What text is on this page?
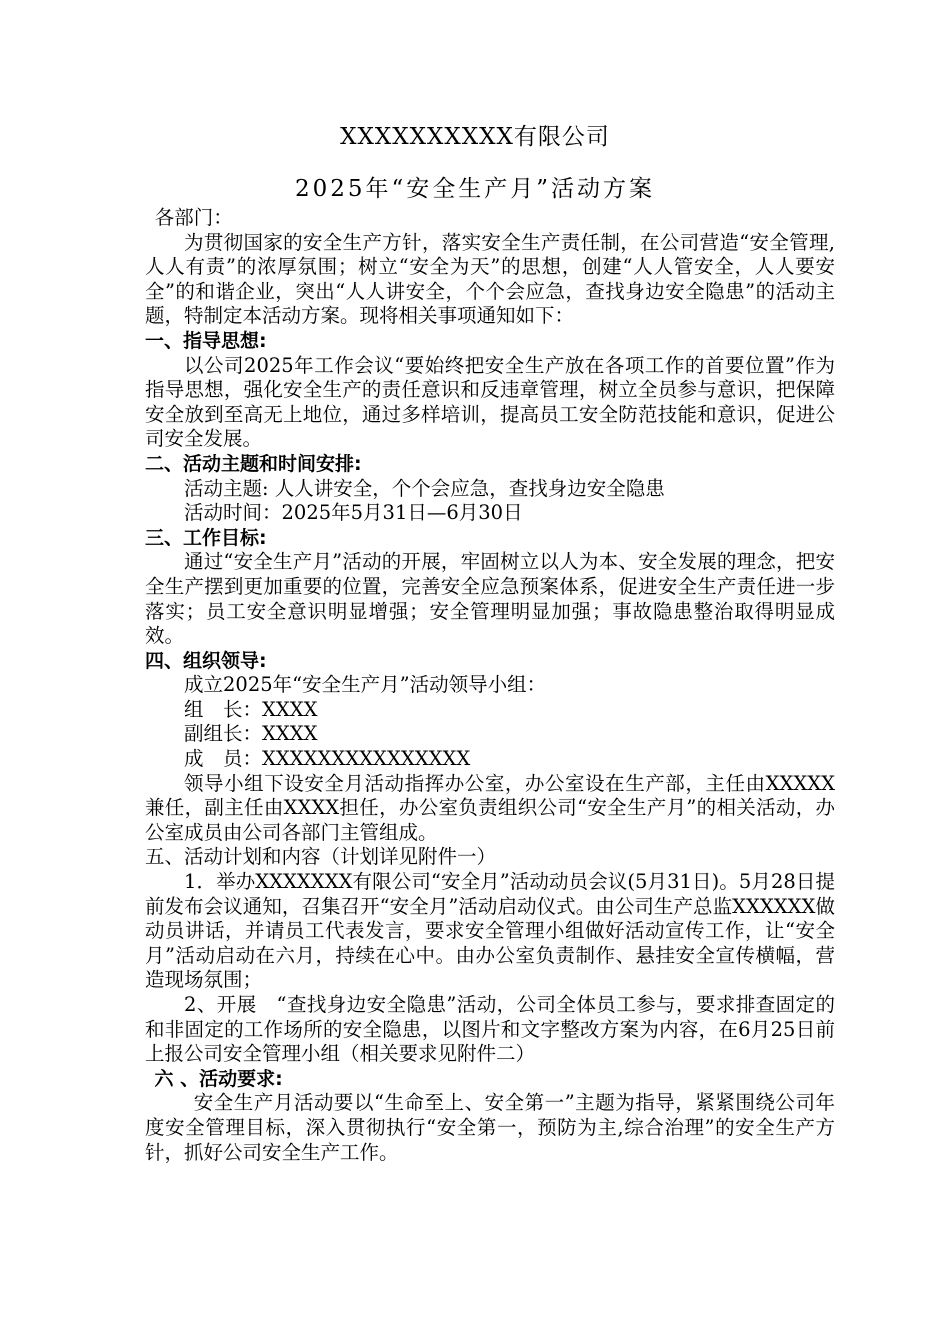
XXXXXXXXXX有限公司
2025年“安全生产月”活动方案

各部门：

为贯彻国家的安全生产方针，落实安全生产责任制，在公司营造“安全管理,人人有责”的浓厚氛围；树立“安全为天”的思想，创建“人人管安全，人人要安全”的和谐企业，突出“人人讲安全，个个会应急，查找身边安全隐患”的活动主题，特制定本活动方案。现将相关事项通知如下：

一、指导思想:

以公司2025年工作会议“要始终把安全生产放在各项工作的首要位置”作为指导思想，强化安全生产的责任意识和反违章管理，树立全员参与意识，把保障安全放到至高无上地位，通过多样培训，提高员工安全防范技能和意识，促进公司安全发展。

二、活动主题和时间安排:

活动主题: 人人讲安全，个个会应急，查找身边安全隐患

活动时间：2025年5月31日—6月30日

三、工作目标:

通过“安全生产月”活动的开展，牢固树立以人为本、安全发展的理念，把安全生产摆到更加重要的位置，完善安全应急预案体系，促进安全生产责任进一步落实；员工安全意识明显增强；安全管理明显加强；事故隐患整治取得明显成效。

四、组织领导:

成立2025年“安全生产月”活动领导小组：

组　长：XXXX

副组长：XXXX

成　员：XXXXXXXXXXXXXXX

领导小组下设安全月活动指挥办公室，办公室设在生产部，主任由XXXXX兼任，副主任由XXXX担任，办公室负责组织公司“安全生产月”的相关活动，办公室成员由公司各部门主管组成。

五、活动计划和内容（计划详见附件一）

1．举办XXXXXXX有限公司“安全月”活动动员会议(5月31日)。5月28日提前发布会议通知，召集召开“安全月”活动启动仪式。由公司生产总监XXXXXX做动员讲话，并请员工代表发言，要求安全管理小组做好活动宣传工作，让“安全月”活动启动在六月，持续在心中。由办公室负责制作、悬挂安全宣传横幅，营造现场氛围；

2、开展　“查找身边安全隐患”活动，公司全体员工参与，要求排查固定的和非固定的工作场所的安全隐患，以图片和文字整改方案为内容，在6月25日前上报公司安全管理小组（相关要求见附件二）

六 、活动要求:

安全生产月活动要以“生命至上、安全第一”主题为指导，紧紧围绕公司年度安全管理目标，深入贯彻执行“安全第一，预防为主,综合治理”的安全生产方针，抓好公司安全生产工作。
